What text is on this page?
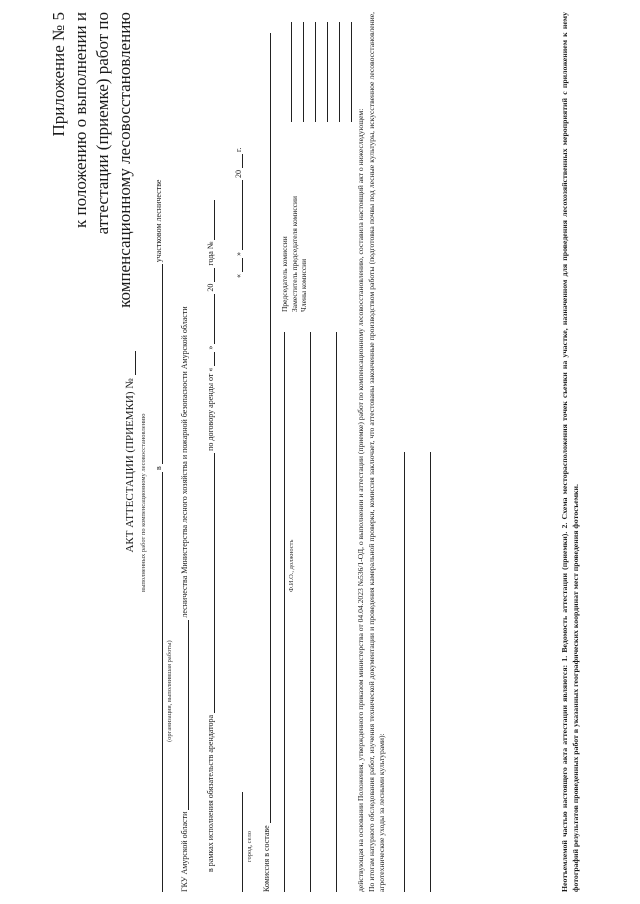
Приложение № 5 к положению о выполнении и аттестации (приемке) работ по компенсационному лесовосстановлению
АКТ АТТЕСТАЦИИ (ПРИЕМКИ) № выполненных работ по компенсационному лесовосстановлению в  участковом лесничестве
(организация, выполнившая работы)
ГКУ Амурской области  лесничества Министерства лесного хозяйства и пожарной безопасности Амурской области
в рамках исполнения обязательств арендатора  по договору аренды от «  »  20  года №
«  »  20  г.
город, село Комиссия в составе
Председатель комиссии Заместитель председателя комиссии Члены комиссии
Ф.И.О., должность	действующая на основании Положения, утвержденного приказом министерства от 04.04.2023 №536/1-ОД, о выполнении и аттестации (приемке) работ по компенсационному лесовосстановлению, составила настоящий акт о нижеследующем: По итогам натурного обследования работ, изучения технической документации и проведения камеральной проверки, комиссия заключает, что аттестованы законченные производством работы (подготовка почвы под лесные культуры, искусственное лесовосстановление, агротехнические уходы за лесными культурами):	Неотъемлемой частью настоящего акта аттестации являются: 1. Ведомость аттестации (приемки). 2. Схема месторасположения точек съемки на участке, назначенном для проведения лесохозяйственных мероприятий с приложением к нему фотографий результатов проведенных работ в указанных географических координат мест проведения фотосъемки.
